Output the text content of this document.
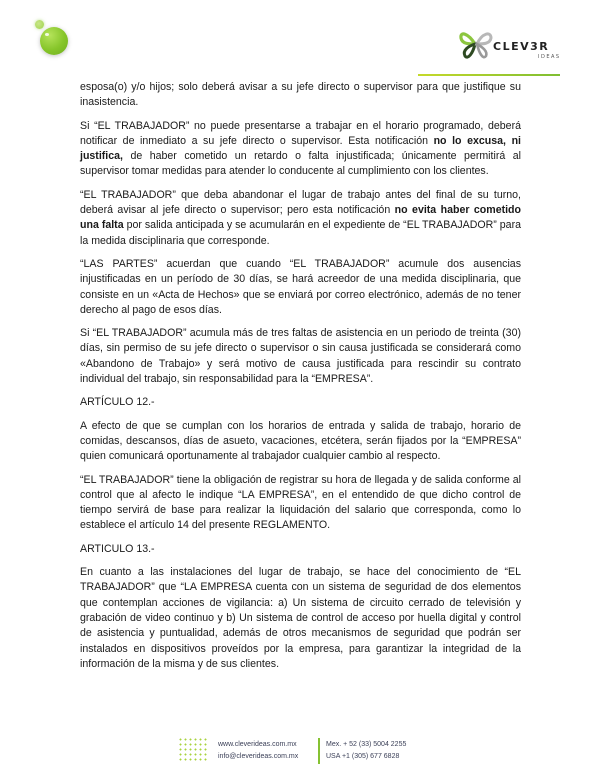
CLEV3R
IDEAS

esposa(o) y/o hijos; solo deberá avisar a su jefe directo o supervisor para que justifique su inasistencia.

Si “EL TRABAJADOR” no puede presentarse a trabajar en el horario programado, deberá notificar de inmediato a su jefe directo o supervisor. Esta notificación no lo excusa, ni justifica, de haber cometido un retardo o falta injustificada; únicamente permitirá al supervisor tomar medidas para atender lo conducente al cumplimiento con los clientes.

“EL TRABAJADOR” que deba abandonar el lugar de trabajo antes del final de su turno, deberá avisar al jefe directo o supervisor; pero esta notificación no evita haber cometido una falta por salida anticipada y se acumularán en el expediente de “EL TRABAJADOR” para la medida disciplinaria que corresponde.

“LAS PARTES” acuerdan que cuando “EL TRABAJADOR” acumule dos ausencias injustificadas en un período de 30 días, se hará acreedor de una medida disciplinaria, que consiste en un «Acta de Hechos» que se enviará por correo electrónico, además de no tener derecho al pago de esos días.

Si “EL TRABAJADOR” acumula más de tres faltas de asistencia en un periodo de treinta (30) días, sin permiso de su jefe directo o supervisor o sin causa justificada se considerará como «Abandono de Trabajo» y será motivo de causa justificada para rescindir su contrato individual del trabajo, sin responsabilidad para la “EMPRESA”.

ARTÍCULO 12.-

A efecto de que se cumplan con los horarios de entrada y salida de trabajo, horario de comidas, descansos, días de asueto, vacaciones, etcétera, serán fijados por la “EMPRESA” quien comunicará oportunamente al trabajador cualquier cambio al respecto.

“EL TRABAJADOR” tiene la obligación de registrar su hora de llegada y de salida conforme al control que al afecto le indique “LA EMPRESA”, en el entendido de que dicho control de tiempo servirá de base para realizar la liquidación del salario que corresponda, como lo establece el artículo 14 del presente REGLAMENTO.

ARTICULO 13.-

En cuanto a las instalaciones del lugar de trabajo, se hace del conocimiento de “EL TRABAJADOR” que “LA EMPRESA cuenta con un sistema de seguridad de dos elementos que contemplan acciones de vigilancia: a) Un sistema de circuito cerrado de televisión y grabación de video continuo y b) Un sistema de control de acceso por huella digital y control de asistencia y puntualidad, además de otros mecanismos de seguridad que podrán ser instalados en dispositivos proveídos por la empresa, para garantizar la integridad de la información de la misma y de sus clientes.

www.cleverideas.com.mx
info@cleverideas.com.mx
Mex. + 52 (33) 5004 2255
USA +1 (305) 677 6828
